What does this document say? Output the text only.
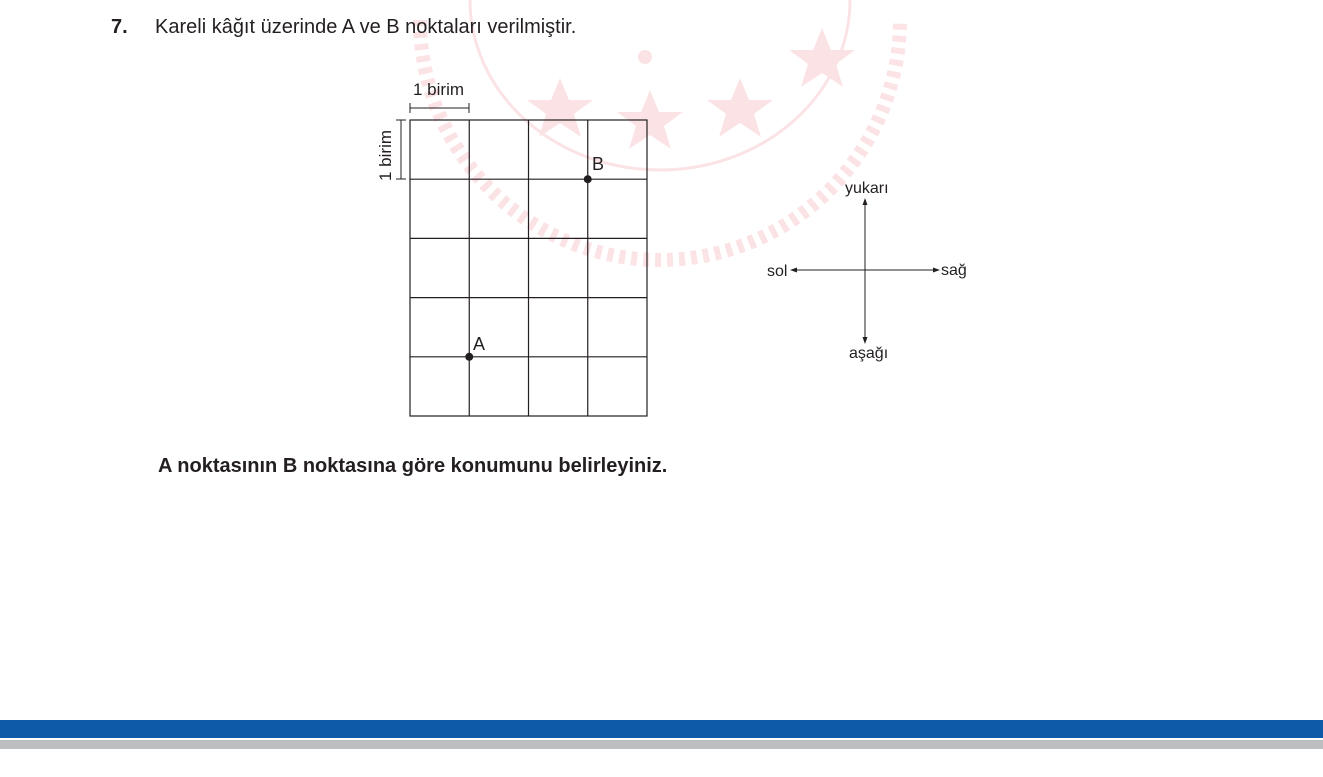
7. Kareli kâğıt üzerinde A ve B noktaları verilmiştir.
1 birim
1 birim	B
A
yukarı
aşağı
sol	sağ
A noktasının B noktasına göre konumunu belirleyiniz.
